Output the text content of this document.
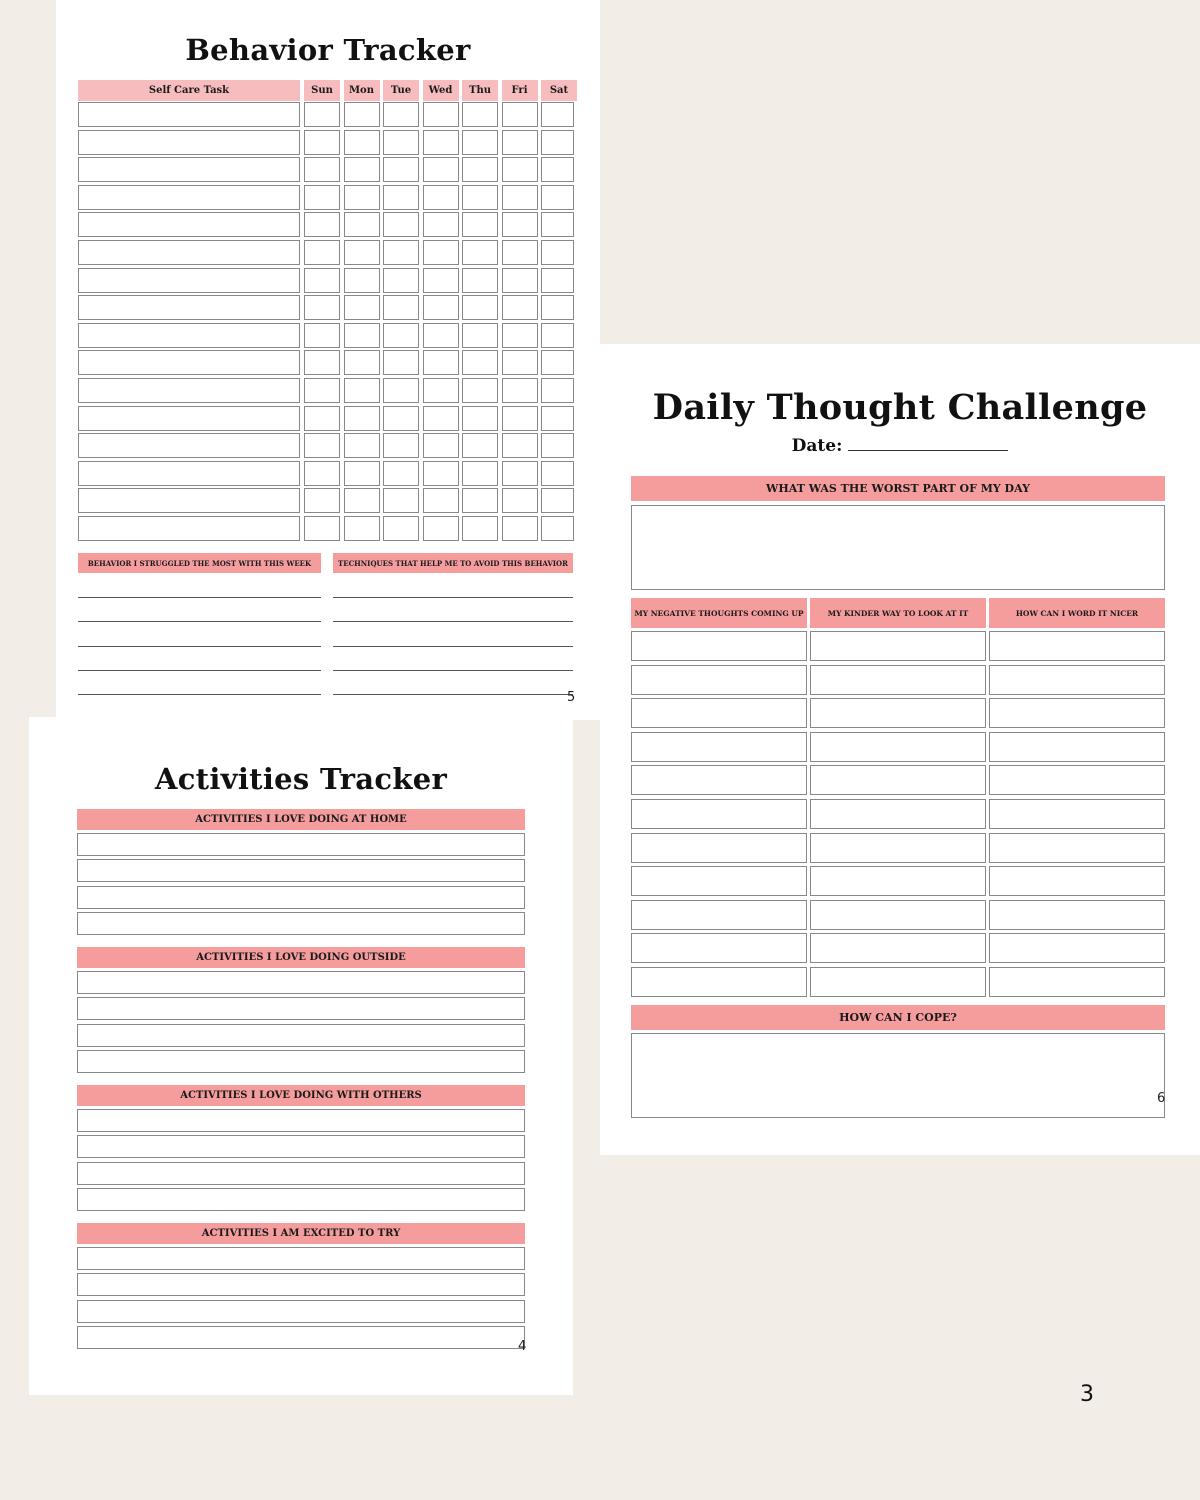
Behavior Tracker
Self Care Task	Sun	Mon	Tue	Wed	Thu	Fri	Sat
BEHAVIOR I STRUGGLED THE MOST WITH THIS WEEK	TECHNIQUES THAT HELP ME TO AVOID THIS BEHAVIOR
5
Activities Tracker
ACTIVITIES I LOVE DOING AT HOME
ACTIVITIES I LOVE DOING OUTSIDE
ACTIVITIES I LOVE DOING WITH OTHERS
ACTIVITIES I AM EXCITED TO TRY
4
Daily Thought Challenge
Date:
WHAT WAS THE WORST PART OF MY DAY
MY NEGATIVE THOUGHTS COMING UP	MY KINDER WAY TO LOOK AT IT	HOW CAN I WORD IT NICER
HOW CAN I COPE?
6
3
